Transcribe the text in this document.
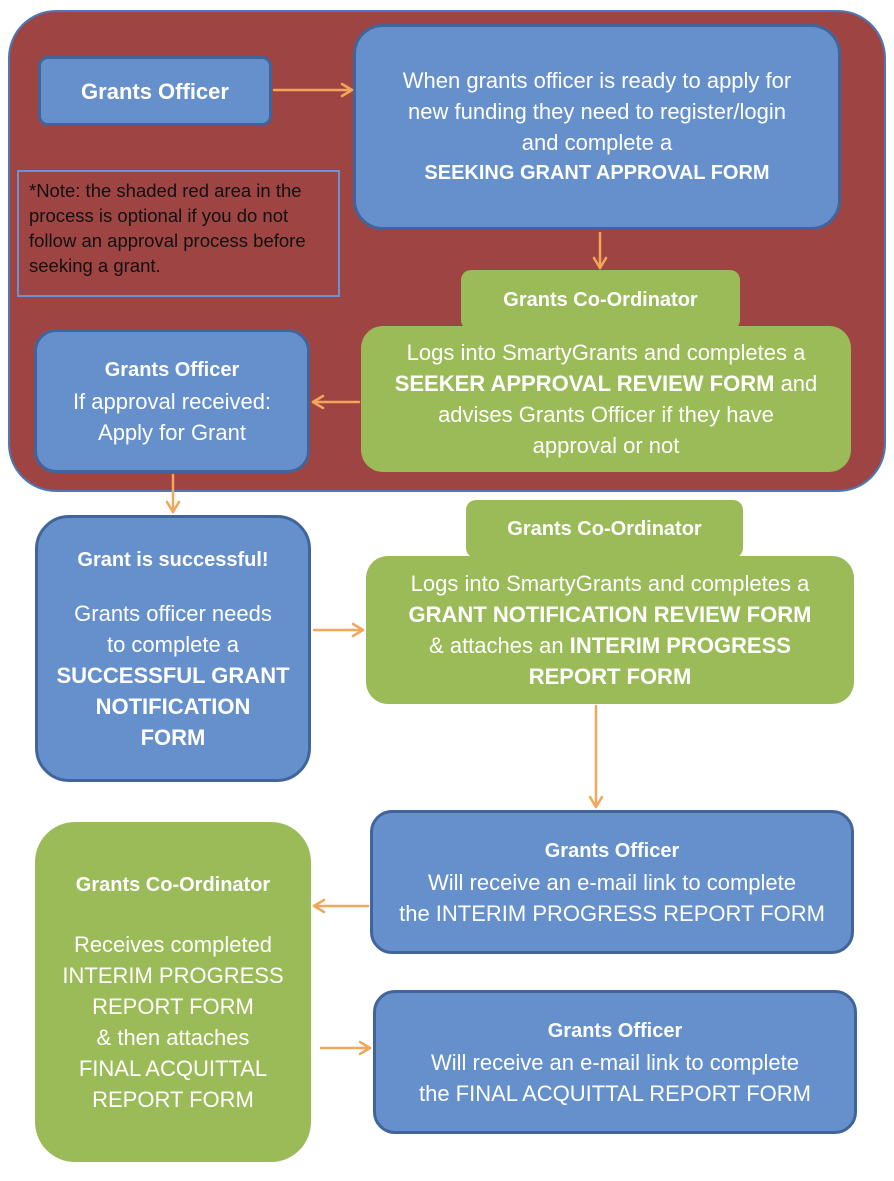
*Note: the shaded red area in the process is optional if you do not follow an approval process before seeking a grant.
Grants Officer	When grants officer is ready to apply for
new funding they need to register/login
and complete a
SEEKING GRANT APPROVAL FORM
Grants Co-Ordinator
Logs into SmartyGrants and completes a
SEEKER APPROVAL REVIEW FORM and
advises Grants Officer if they have
approval or not
Grants Officer
If approval received:
Apply for Grant
Grant is successful!
Grants officer needs
to complete a
SUCCESSFUL GRANT
NOTIFICATION
FORM
Grants Co-Ordinator
Logs into SmartyGrants and completes a
GRANT NOTIFICATION REVIEW FORM
& attaches an INTERIM PROGRESS
REPORT FORM
Grants Officer
Will receive an e-mail link to complete
the INTERIM PROGRESS REPORT FORM
Grants Co-Ordinator
Receives completed
INTERIM PROGRESS
REPORT FORM
& then attaches
FINAL ACQUITTAL
REPORT FORM
Grants Officer
Will receive an e-mail link to complete
the FINAL ACQUITTAL REPORT FORM
